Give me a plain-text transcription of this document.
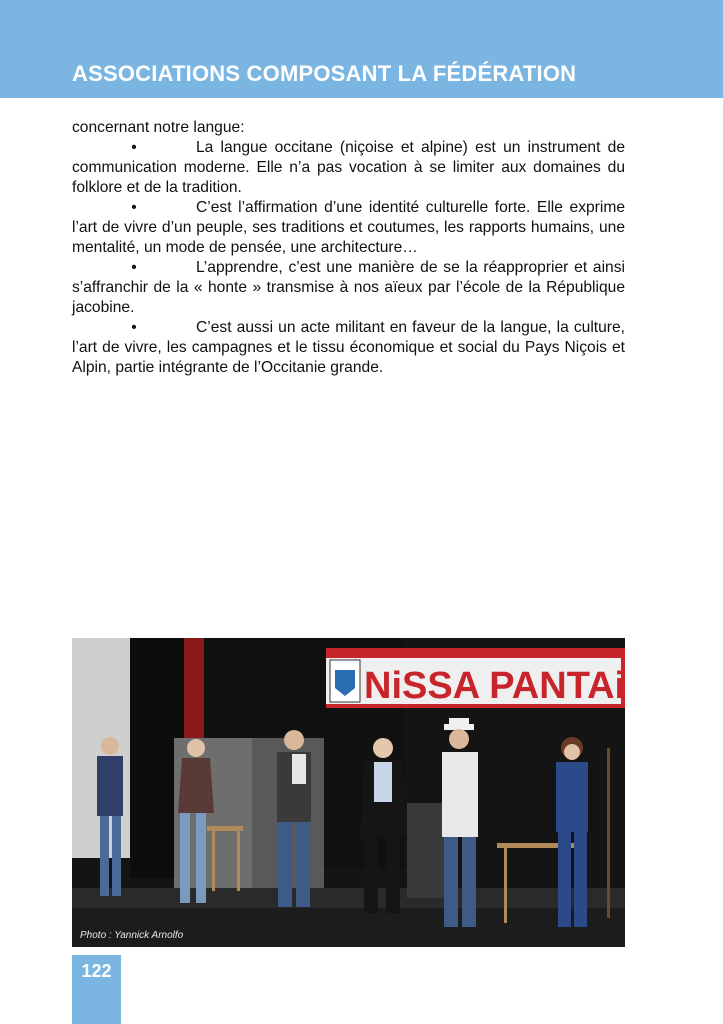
ASSOCIATIONS COMPOSANT LA FÉDÉRATION

concernant notre langue:

•	La langue occitane (niçoise et alpine) est un instrument de communication moderne. Elle n’a pas vocation à se limiter aux domaines du folklore et de la tradition.

•	C’est l’affirmation d’une identité culturelle forte. Elle exprime l’art de vivre d’un peuple, ses traditions et coutumes, les rapports humains, une mentalité, un mode de pensée, une architecture…

•	L’apprendre, c’est une manière de se la réapproprier et ainsi s’affranchir de la « honte » transmise à nos aïeux par l’école de la République jacobine.

•	C’est aussi un acte militant en faveur de la langue, la culture, l’art de vivre, les campagnes et le tissu économique et social du Pays Niçois et Alpin, partie intégrante de l’Occitanie grande.

NiSSA PANTAi
Photo : Yannick Arnolfo
122
